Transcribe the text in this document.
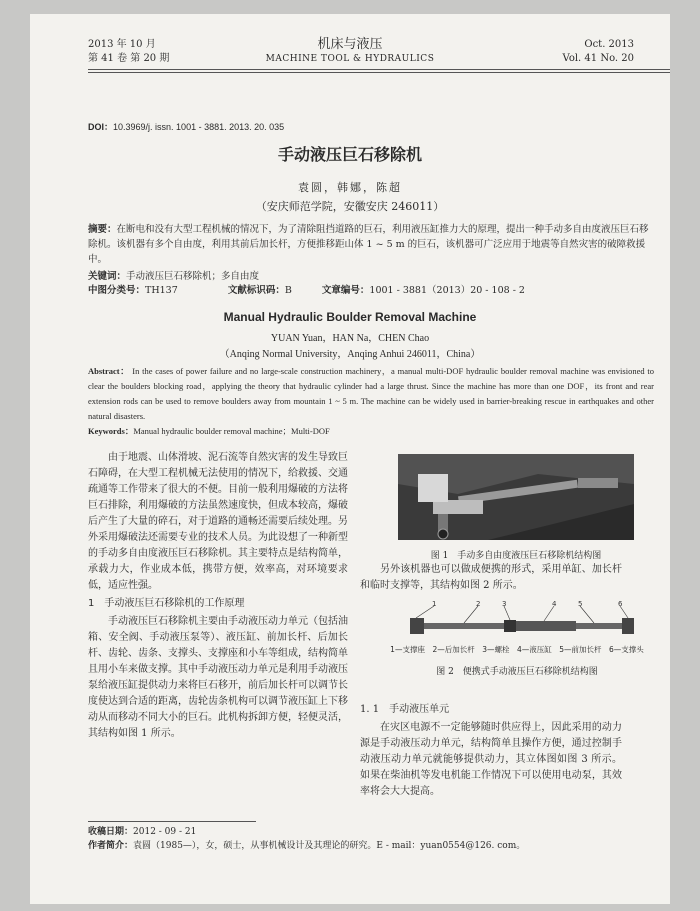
2013 年 10 月
第 41 卷 第 20 期
机床与液压
MACHINE TOOL & HYDRAULICS
Oct. 2013
Vol. 41 No. 20
DOI：10.3969/j. issn. 1001 - 3881. 2013. 20. 035
手动液压巨石移除机
袁圆，韩娜，陈超
（安庆师范学院，安徽安庆 246011）
摘要：在断电和没有大型工程机械的情况下，为了清除阻挡道路的巨石，利用液压缸推力大的原理，提出一种手动多自由度液压巨石移除机。该机器有多个自由度，利用其前后加长杆，方便推移距山体 1 ~ 5 m 的巨石，该机器可广泛应用于地震等自然灾害的破障救援中。
关键词：手动液压巨石移除机；多自由度
中图分类号：TH137	文献标识码：B	文章编号：1001 - 3881（2013）20 - 108 - 2
Manual Hydraulic Boulder Removal Machine
YUAN Yuan，HAN Na，CHEN Chao
（Anqing Normal University，Anqing Anhui 246011，China）
Abstract： In the cases of power failure and no large-scale construction machinery，a manual multi-DOF hydraulic boulder removal machine was envisioned to clear the boulders blocking road，applying the theory that hydraulic cylinder had a large thrust. Since the machine has more than one DOF，its front and rear extension rods can be used to remove boulders away from mountain 1 ~ 5 m. The machine can be widely used in barrier-breaking rescue in earthquakes and other natural disasters.
Keywords：Manual hydraulic boulder removal machine；Multi-DOF

由于地震、山体滑坡、泥石流等自然灾害的发生导致巨石障碍，在大型工程机械无法使用的情况下，给救援、交通疏通等工作带来了很大的不便。目前一般利用爆破的方法将巨石排除，利用爆破的方法虽然速度快，但成本较高，爆破后产生了大量的碎石，对于道路的通畅还需要后续处理。另外采用爆破法还需要专业的技术人员。为此设想了一种新型的手动多自由度液压巨石移除机。其主要特点是结构简单，承载力大，作业成本低，携带方便，效率高，对环境要求低，适应性强。

1　手动液压巨石移除机的工作原理

手动液压巨石移除机主要由手动液压动力单元（包括油箱、安全阀、手动液压泵等）、液压缸、前加长杆、后加长杆、齿轮、齿条、支撑头、支撑座和小车等组成，结构简单且用小车来做支撑。其中手动液压动力单元是利用手动液压泵给液压缸提供动力来将巨石移开，前后加长杆可以调节长度使达到合适的距离，齿轮齿条机构可以调节液压缸上下移动从而移动不同大小的巨石。此机构拆卸方便，轻便灵活，其结构如图 1 所示。

图 1　手动多自由度液压巨石移除机结构图

另外该机器也可以做成便携的形式，采用单缸、加长杆和临时支撑等，其结构如图 2 所示。

1	2	3	4	5	6
1—支撑座　2—后加长杆　3—螺栓　4—液压缸　5—前加长杆　6—支撑头
图 2　便携式手动液压巨石移除机结构图

1. 1　手动液压单元

在灾区电源不一定能够随时供应得上，因此采用的动力源是手动液压动力单元，结构简单且操作方便，通过控制手动液压动力单元就能够提供动力，其立体图如图 3 所示。如果在柴油机等发电机能工作情况下可以使用电动泵，其效率将会大大提高。

收稿日期：2012 - 09 - 21
作者简介：袁圆（1985—），女，硕士，从事机械设计及其理论的研究。E - mail：yuan0554@126. com。
